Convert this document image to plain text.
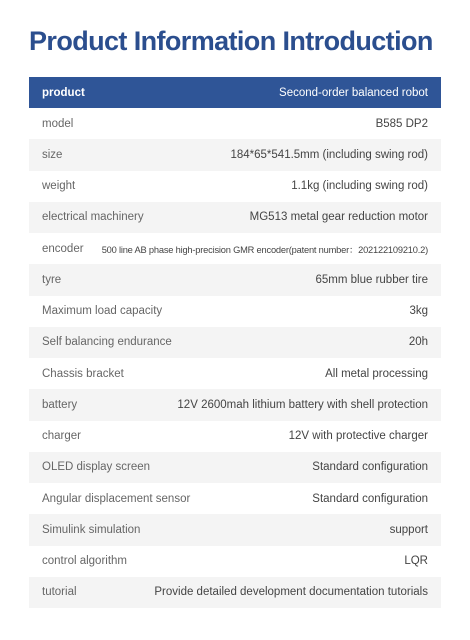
Product Information Introduction
product	Second-order balanced robot
model	B585 DP2
size	184*65*541.5mm (including swing rod)
weight	1.1kg (including swing rod)
electrical machinery	MG513 metal gear reduction motor
encoder	500 line AB phase high-precision GMR encoder(patent number：202122109210.2)
tyre	65mm blue rubber tire
Maximum load capacity	3kg
Self balancing endurance	20h
Chassis bracket	All metal processing
battery	12V 2600mah lithium battery with shell protection
charger	12V with protective charger
OLED display screen	Standard configuration
Angular displacement sensor	Standard configuration
Simulink simulation	support
control algorithm	LQR
tutorial	Provide detailed development documentation tutorials
